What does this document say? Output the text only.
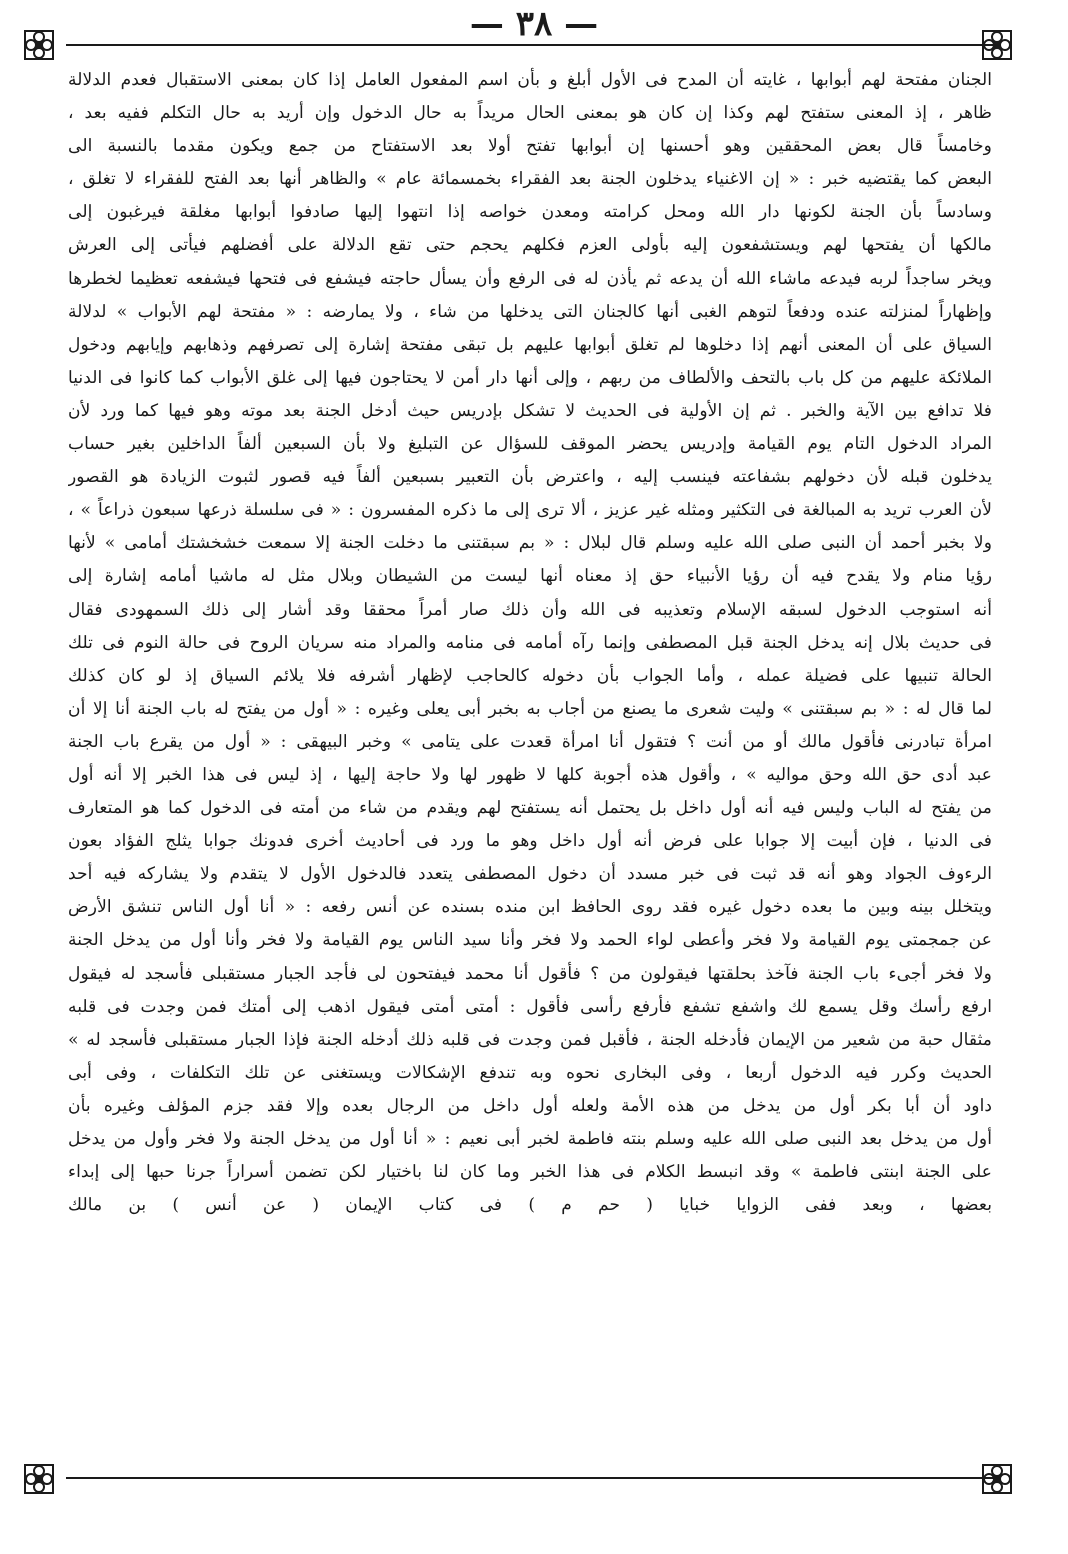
— ٣٨ —
الجنان مفتحة لهم أبوابها ، غايته أن المدح فى الأول أبلغ و بأن اسم المفعول العامل إذا كان بمعنى الاستقبال فعدم الدلالة
ظاهر ، إذ المعنى ستفتح لهم وكذا إن كان هو بمعنى الحال مريداً به حال الدخول وإن أريد به حال التكلم ففيه بعد ،
وخامساً قال بعض المحققين وهو أحسنها إن أبوابها تفتح أولا بعد الاستفتاح من جمع ويكون مقدما بالنسبة الى
البعض كما يقتضيه خبر : « إن الاغنياء يدخلون الجنة بعد الفقراء بخمسمائة عام » والظاهر أنها بعد الفتح للفقراء لا تغلق ،
وسادساً بأن الجنة لكونها دار الله ومحل كرامته ومعدن خواصه إذا انتهوا إليها صادفوا أبوابها مغلقة فيرغبون إلى
مالكها أن يفتحها لهم ويستشفعون إليه بأولى العزم فكلهم يحجم حتى تقع الدلالة على أفضلهم فيأتى إلى العرش
ويخر ساجداً لربه فيدعه ماشاء الله أن يدعه ثم يأذن له فى الرفع وأن يسأل حاجته فيشفع فى فتحها فيشفعه تعظيما لخطرها
وإظهاراً لمنزلته عنده ودفعاً لتوهم الغبى أنها كالجنان التى يدخلها من شاء ، ولا يمارضه : « مفتحة لهم الأبواب » لدلالة
السياق على أن المعنى أنهم إذا دخلوها لم تغلق أبوابها عليهم بل تبقى مفتحة إشارة إلى تصرفهم وذهابهم وإيابهم ودخول
الملائكة عليهم من كل باب بالتحف والألطاف من ربهم ، وإلى أنها دار أمن لا يحتاجون فيها إلى غلق الأبواب كما كانوا فى الدنيا
فلا تدافع بين الآية والخبر . ثم إن الأولية فى الحديث لا تشكل بإدريس حيث أدخل الجنة بعد موته وهو فيها كما ورد لأن
المراد الدخول التام يوم القيامة وإدريس يحضر الموقف للسؤال عن التبليغ ولا بأن السبعين ألفاً الداخلين بغير حساب
يدخلون قبله لأن دخولهم بشفاعته فينسب إليه ، واعترض بأن التعبير بسبعين ألفاً فيه قصور لثبوت الزيادة هو القصور
لأن العرب تريد به المبالغة فى التكثير ومثله غير عزيز ، ألا ترى إلى ما ذكره المفسرون : « فى سلسلة ذرعها سبعون ذراعاً » ،
ولا بخبر أحمد أن النبى صلى الله عليه وسلم قال لبلال : « بم سبقتنى ما دخلت الجنة إلا سمعت خشخشتك أمامى » لأنها
رؤيا منام ولا يقدح فيه أن رؤيا الأنبياء حق إذ معناه أنها ليست من الشيطان وبلال مثل له ماشيا أمامه إشارة إلى
أنه استوجب الدخول لسبقه الإسلام وتعذيبه فى الله وأن ذلك صار أمراً محققا وقد أشار إلى ذلك السمهودى فقال
فى حديث بلال إنه يدخل الجنة قبل المصطفى وإنما رآه أمامه فى منامه والمراد منه سريان الروح فى حالة النوم فى تلك
الحالة تنبيها على فضيلة عمله ، وأما الجواب بأن دخوله كالحاجب لإظهار أشرفه فلا يلائم السياق إذ لو كان كذلك
لما قال له : « بم سبقتنى » وليت شعرى ما يصنع من أجاب به بخبر أبى يعلى وغيره : « أول من يفتح له باب الجنة أنا إلا أن
امرأة تبادرنى فأقول مالك أو من أنت ؟ فتقول أنا امرأة قعدت على يتامى » وخبر البيهقى : « أول من يقرع باب الجنة
عبد أدى حق الله وحق مواليه » ، وأقول هذه أجوبة كلها لا ظهور لها ولا حاجة إليها ، إذ ليس فى هذا الخبر إلا أنه أول
من يفتح له الباب وليس فيه أنه أول داخل بل يحتمل أنه يستفتح لهم ويقدم من شاء من أمته فى الدخول كما هو المتعارف
فى الدنيا ، فإن أبيت إلا جوابا على فرض أنه أول داخل وهو ما ورد فى أحاديث أخرى فدونك جوابا يثلج الفؤاد بعون
الرءوف الجواد وهو أنه قد ثبت فى خبر مسدد أن دخول المصطفى يتعدد فالدخول الأول لا يتقدم ولا يشاركه فيه أحد
ويتخلل بينه وبين ما بعده دخول غيره فقد روى الحافظ ابن منده بسنده عن أنس رفعه : « أنا أول الناس تنشق الأرض
عن جمجمتى يوم القيامة ولا فخر وأعطى لواء الحمد ولا فخر وأنا سيد الناس يوم القيامة ولا فخر وأنا أول من يدخل الجنة
ولا فخر أجىء باب الجنة فآخذ بحلقتها فيقولون من ؟ فأقول أنا محمد فيفتحون لى فأجد الجبار مستقبلى فأسجد له فيقول
ارفع رأسك وقل يسمع لك واشفع تشفع فأرفع رأسى فأقول : أمتى أمتى فيقول اذهب إلى أمتك فمن وجدت فى قلبه
مثقال حبة من شعير من الإيمان فأدخله الجنة ، فأقبل فمن وجدت فى قلبه ذلك أدخله الجنة فإذا الجبار مستقبلى فأسجد له »
الحديث وكرر فيه الدخول أربعا ، وفى البخارى نحوه وبه تندفع الإشكالات ويستغنى عن تلك التكلفات ، وفى أبى
داود أن أبا بكر أول من يدخل من هذه الأمة ولعله أول داخل من الرجال بعده وإلا فقد جزم المؤلف وغيره بأن
أول من يدخل بعد النبى صلى الله عليه وسلم بنته فاطمة لخبر أبى نعيم : « أنا أول من يدخل الجنة ولا فخر وأول من يدخل
على الجنة ابنتى فاطمة » وقد انبسط الكلام فى هذا الخبر وما كان لنا باختيار لكن تضمن أسراراً جرنا حبها إلى إبداء
بعضها ، وبعد ففى الزوايا خبايا ( حم م ) فى كتاب الإيمان ( عن أنس ) بن مالك
